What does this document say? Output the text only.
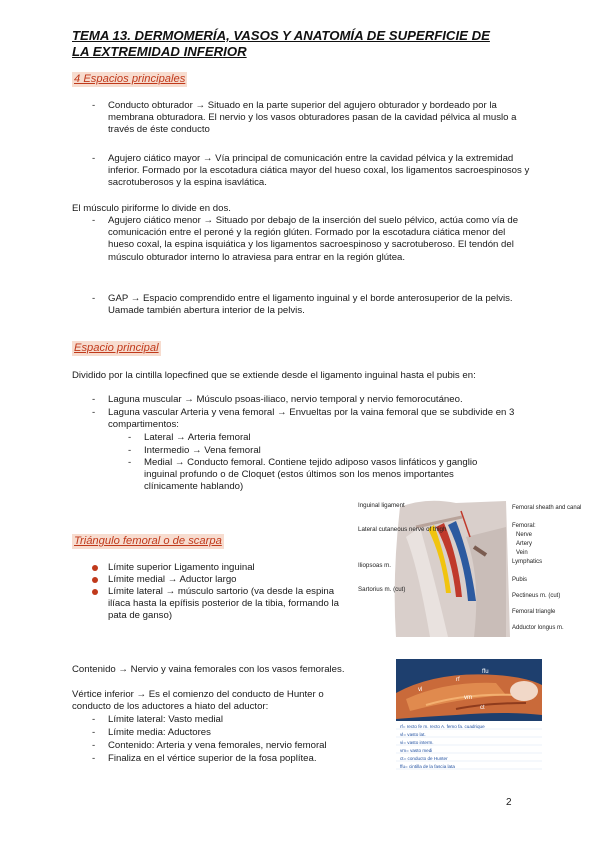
TEMA 13. DERMOMERÍA, VASOS Y ANATOMÍA DE SUPERFICIE DE
LA EXTREMIDAD INFERIOR
4 Espacios principales
- Conducto obturador → Situado en la parte superior del agujero obturador y bordeado por la membrana obturadora. El nervio y los vasos obturadores pasan de la cavidad pélvica al muslo a través de éste conducto
- Agujero ciático mayor → Vía principal de comunicación entre la cavidad pélvica y la extremidad inferior. Formado por la escotadura ciática mayor del hueso coxal, los ligamentos sacroespinosos y sacrotuberosos y la espina isavlática.
El músculo piriforme lo divide en dos.
- Agujero ciático menor → Situado por debajo de la inserción del suelo pélvico, actúa como vía de comunicación entre el peroné y la región glúten. Formado por la escotadura ciática menor del hueso coxal, la espina isquiática y los ligamentos sacroespinoso y sacrotuberoso. El tendón del músculo obturador interno lo atraviesa para entrar en la región glútea.
- GAP → Espacio comprendido entre el ligamento inguinal y el borde anterosuperior de la pelvis. Uamade también abertura interior de la pelvis.
Espacio principal
Dividido por la cintilla lopecfined que se extiende desde el ligamento inguinal hasta el pubis en:
- Laguna muscular → Músculo psoas-iliaco, nervio temporal y nervio femorocutáneo.
- Laguna vascular Arteria y vena femoral → Envueltas por la vaina femoral que se subdivide en 3 compartimentos:
- Lateral → Arteria femoral
- Intermedio → Vena femoral
- Medial → Conducto femoral. Contiene tejido adiposo vasos linfáticos y ganglio inguinal profundo o de Cloquet (estos últimos son los menos importantes clínicamente hablando)
Inguinal ligament
Lateral cutaneous nerve of thigh
Iliopsoas m.
Sartorius m. (cut)
Femoral sheath and canal
Femoral:
Nerve
Artery
Vein
Lymphatics
Pubis
Pectineus m. (cut)
Femoral triangle
Adductor longus m.
Triángulo femoral o de scarpa
Límite superior Ligamento inguinal
Límite medial → Aductor largo
Límite lateral → músculo sartorio (va desde la espina ilíaca hasta la epífisis posterior de la tibia, formando la pata de ganso)
Contenido → Nervio y vaina femorales con los vasos femorales.
Vértice inferior → Es el comienzo del conducto de Hunter o conducto de los aductores a hiato del aductor:
- Límite lateral: Vasto medial
- Límite media: Aductores
- Contenido: Arteria y vena femorales, nervio femoral
- Finaliza en el vértice superior de la fosa poplítea.
rf
vl
vm
ct
ffu
rf= recto fe m. recto A. femo fa. cuadrique
vl= vasto lat.
vi= vasto interm.
vm= vasto medi
ct= conducto de Hunter
ffu= cintilla de la fascia lata
2
